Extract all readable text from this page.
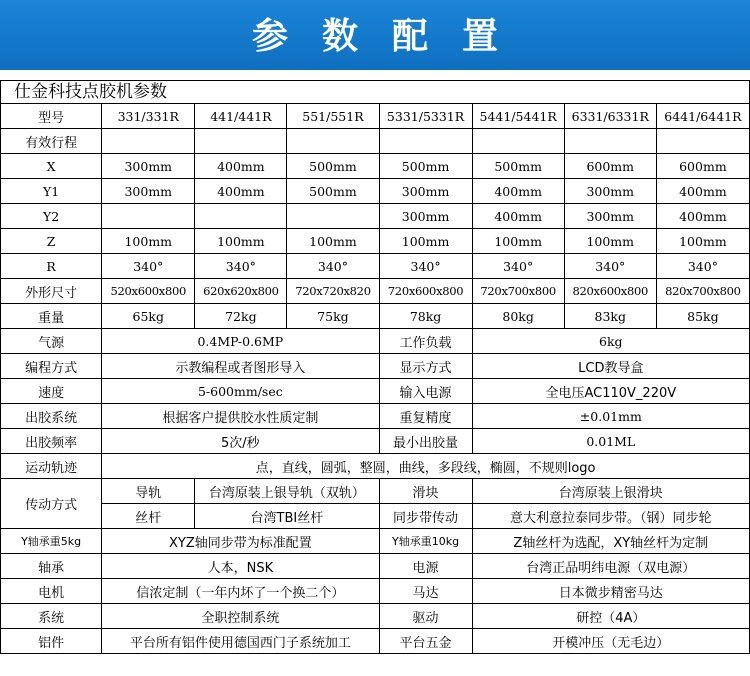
参数配置
仕金科技点胶机参数
型号	331/331R	441/441R	551/551R	5331/5331R	5441/5441R	6331/6331R	6441/6441R
有效行程							
X	300mm	400mm	500mm	500mm	500mm	600mm	600mm
Y1	300mm	400mm	500mm	300mm	400mm	300mm	400mm
Y2				300mm	400mm	300mm	400mm
Z	100mm	100mm	100mm	100mm	100mm	100mm	100mm
R	340°	340°	340°	340°	340°	340°	340°
外形尺寸	520x600x800	620x620x800	720x720x820	720x600x800	720x700x800	820x600x800	820x700x800
重量	65kg	72kg	75kg	78kg	80kg	83kg	85kg
气源	0.4MP-0.6MP			工作负载	6kg		
编程方式	示教编程或者图形导入			显示方式	LCD教导盒		
速度	5-600mm/sec			输入电源	全电压AC110V_220V		
出胶系统	根据客户提供胶水性质定制			重复精度	±0.01mm		
出胶频率	5次/秒			最小出胶量	0.01ML		
运动轨迹	点，直线，圆弧，整圆，曲线，多段线，椭圆，不规则logo						
传动方式	导轨	台湾原装上银导轨（双轨）		滑块	台湾原装上银滑块		
	丝杆	台湾TBI丝杆		同步带传动	意大利意拉泰同步带。（钢）同步轮		
Y轴承重5kg	XYZ轴同步带为标准配置			Y轴承重10kg	Z轴丝杆为选配，XY轴丝杆为定制		
轴承	人本，NSK			电源	台湾正品明纬电源（双电源）		
电机	信浓定制（一年内坏了一个换二个）			马达	日本微步精密马达		
系统	全职控制系统			驱动	研控（4A）		
铝件	平台所有铝件使用德国西门子系统加工			平台五金	开模冲压（无毛边）		
